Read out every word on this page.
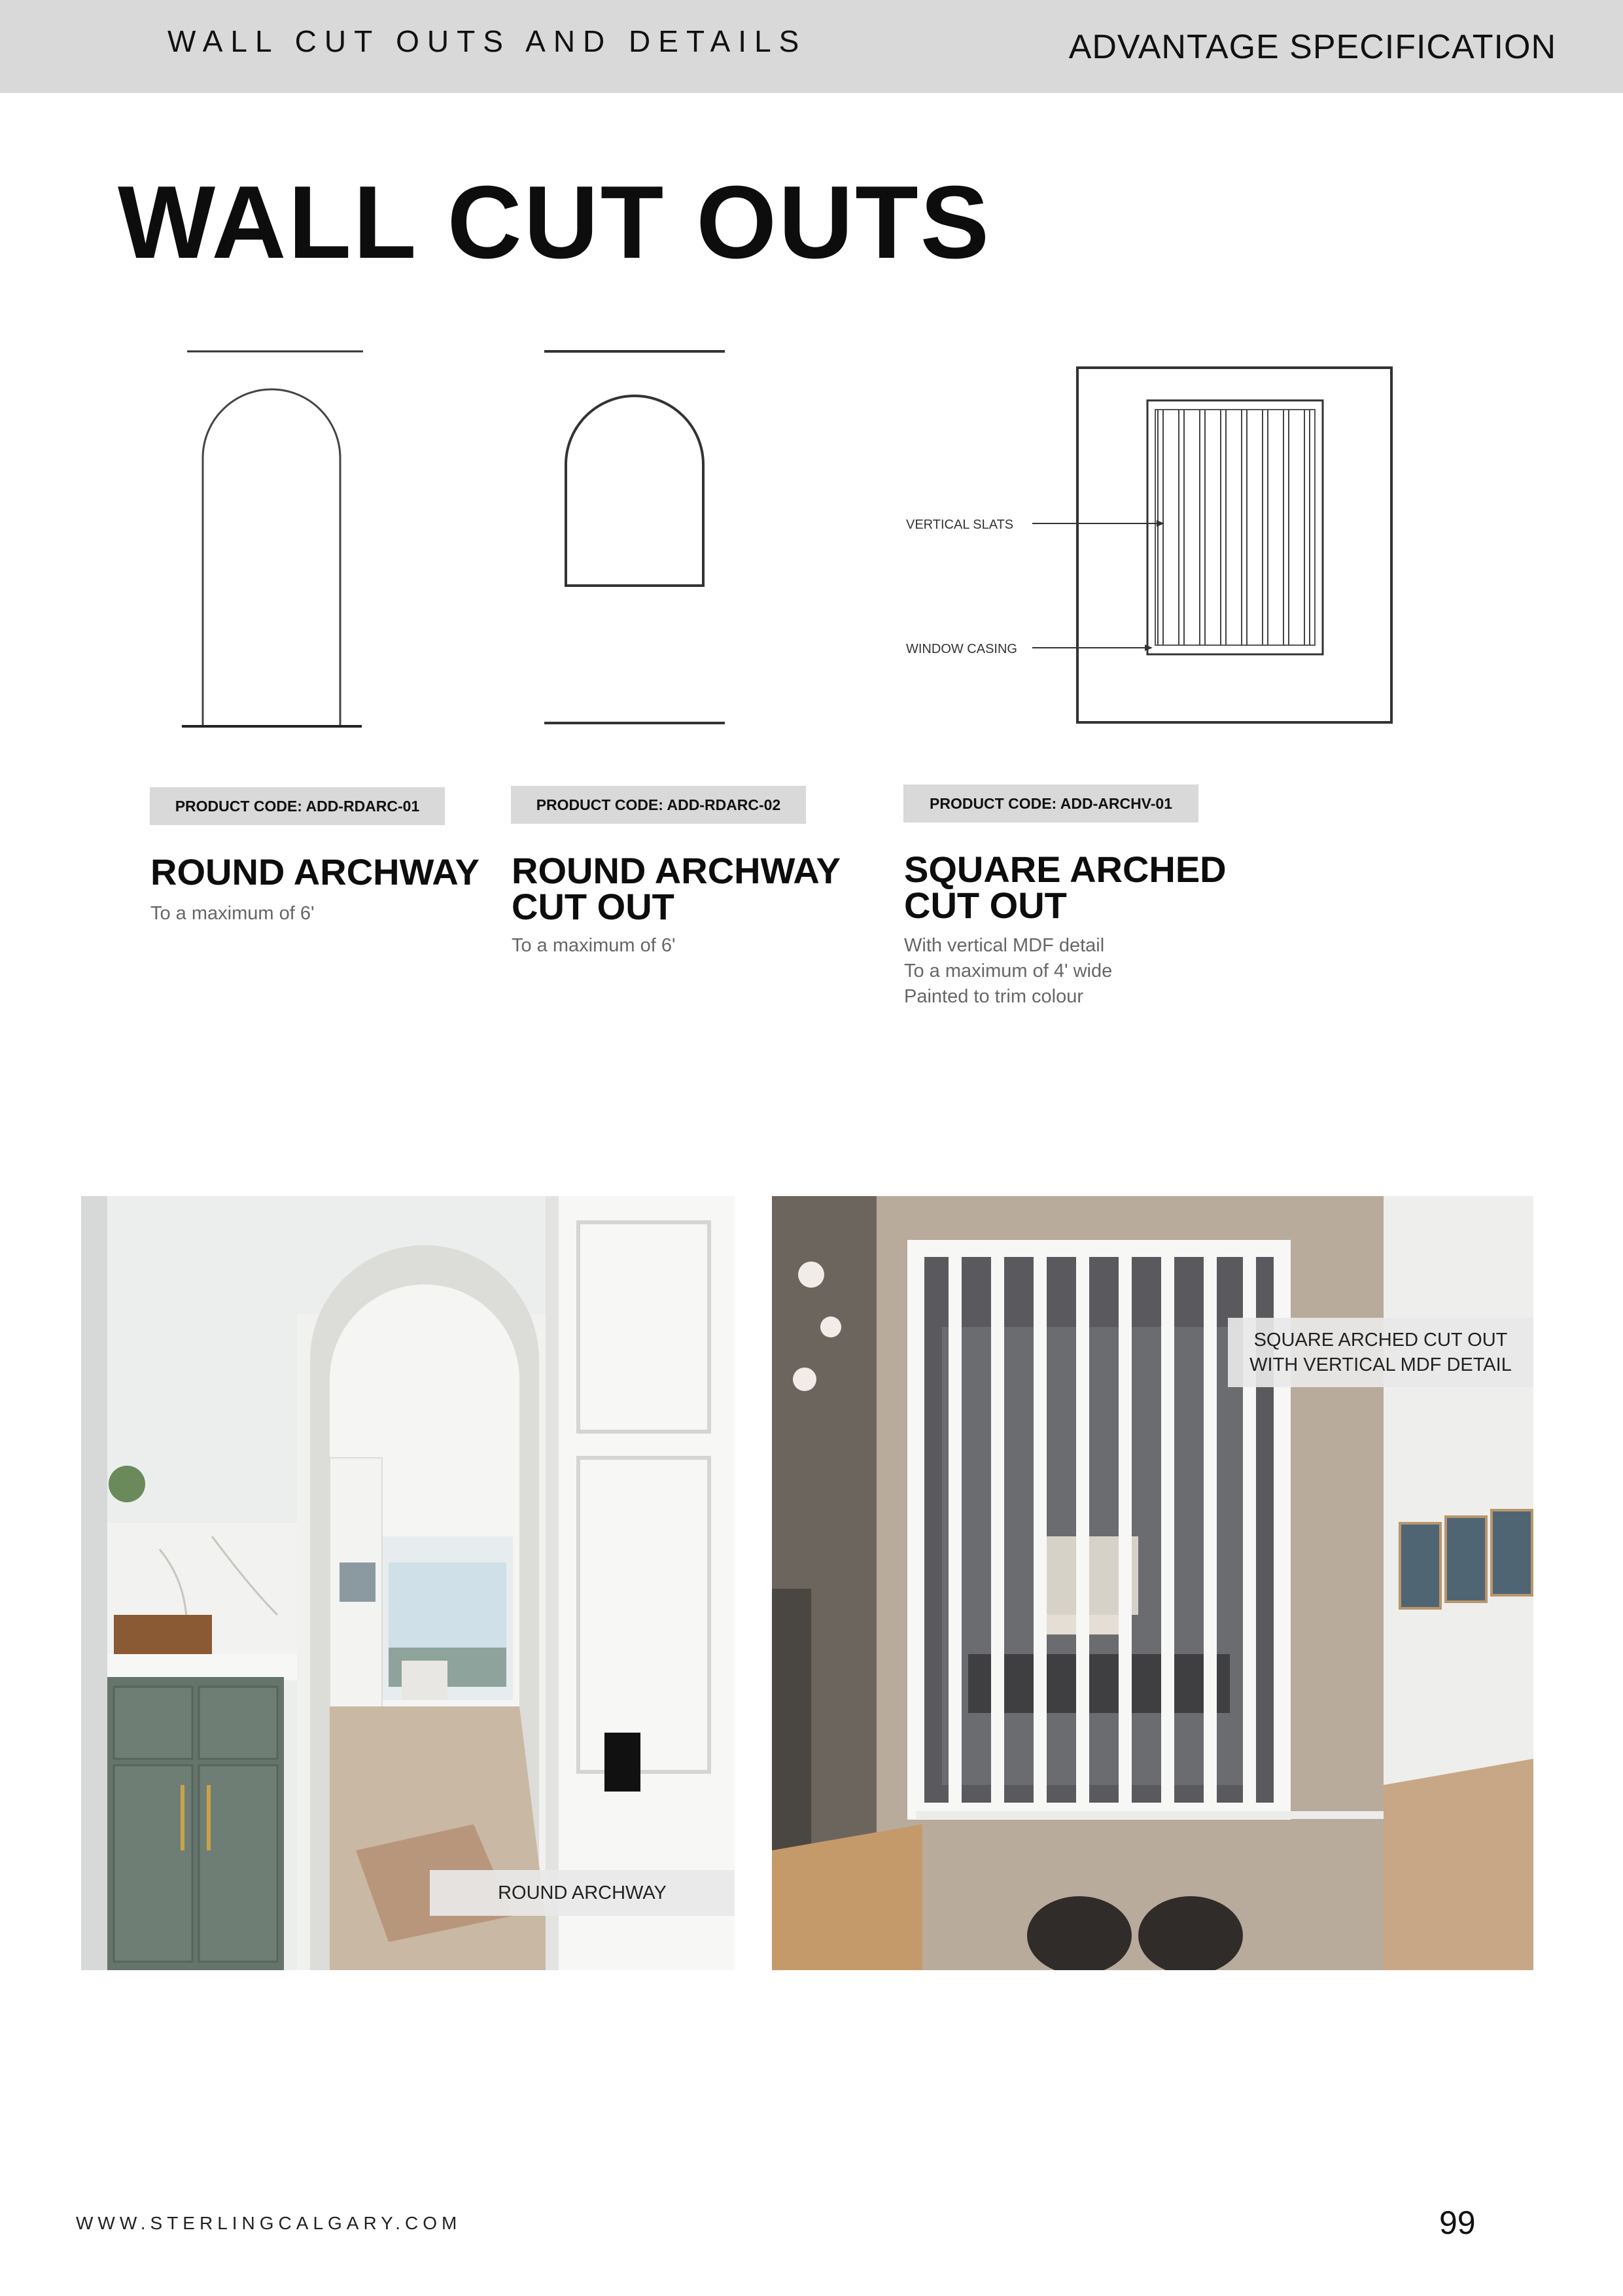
WALL CUT OUTS AND DETAILS	ADVANTAGE SPECIFICATION
WALL CUT OUTS
VERTICAL SLATS
WINDOW CASING
PRODUCT CODE: ADD-RDARC-01
ROUND ARCHWAY
To a maximum of 6'
PRODUCT CODE: ADD-RDARC-02
ROUND ARCHWAY
CUT OUT
To a maximum of 6'
PRODUCT CODE: ADD-ARCHV-01
SQUARE ARCHED
CUT OUT
With vertical MDF detail
To a maximum of 4' wide
Painted to trim colour
ROUND ARCHWAY
SQUARE ARCHED CUT OUT
WITH VERTICAL MDF DETAIL
WWW.STERLINGCALGARY.COM	99
